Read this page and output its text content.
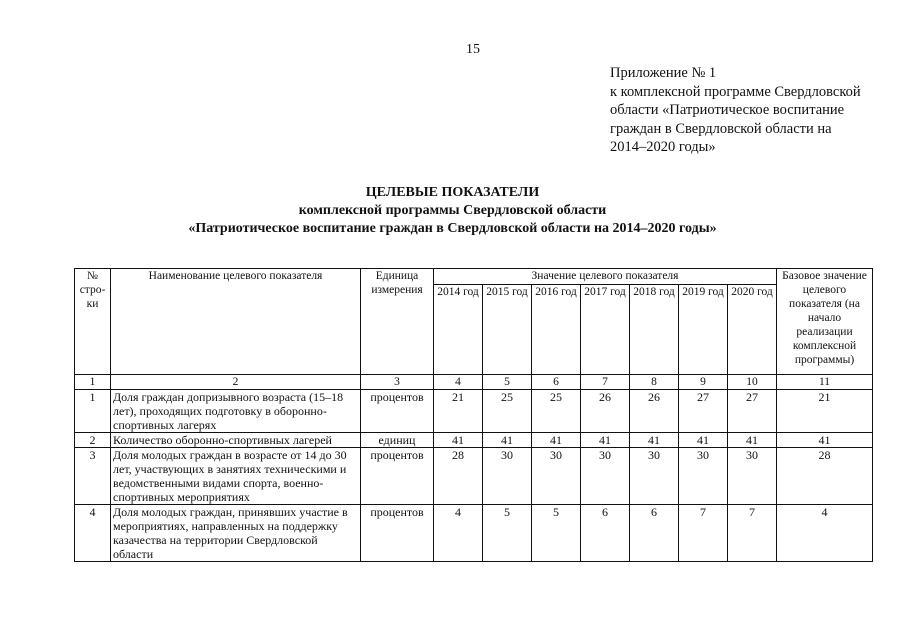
15
Приложение № 1
к комплексной программе Свердловской
области «Патриотическое воспитание
граждан в Свердловской области на
2014–2020 годы»
ЦЕЛЕВЫЕ ПОКАЗАТЕЛИ
комплексной программы Свердловской области
«Патриотическое воспитание граждан в Свердловской области на 2014–2020 годы»
№ стро- ки	Наименование целевого показателя	Единица измерения	Значение целевого показателя							Базовое значение целевого показателя (на начало реализации комплексной программы)
			2014 год	2015 год	2016 год	2017 год	2018 год	2019 год	2020 год	
1	2	3	4	5	6	7	8	9	10	11
1	Доля граждан допризывного возраста (15–18 лет), проходящих подготовку в оборонно-спортивных лагерях	процентов	21	25	25	26	26	27	27	21
2	Количество оборонно-спортивных лагерей	единиц	41	41	41	41	41	41	41	41
3	Доля молодых граждан в возрасте от 14 до 30 лет, участвующих в занятиях техническими и ведомственными видами спорта, военно-спортивных мероприятиях	процентов	28	30	30	30	30	30	30	28
4	Доля молодых граждан, принявших участие в мероприятиях, направленных на поддержку казачества на территории Свердловской области	процентов	4	5	5	6	6	7	7	4
